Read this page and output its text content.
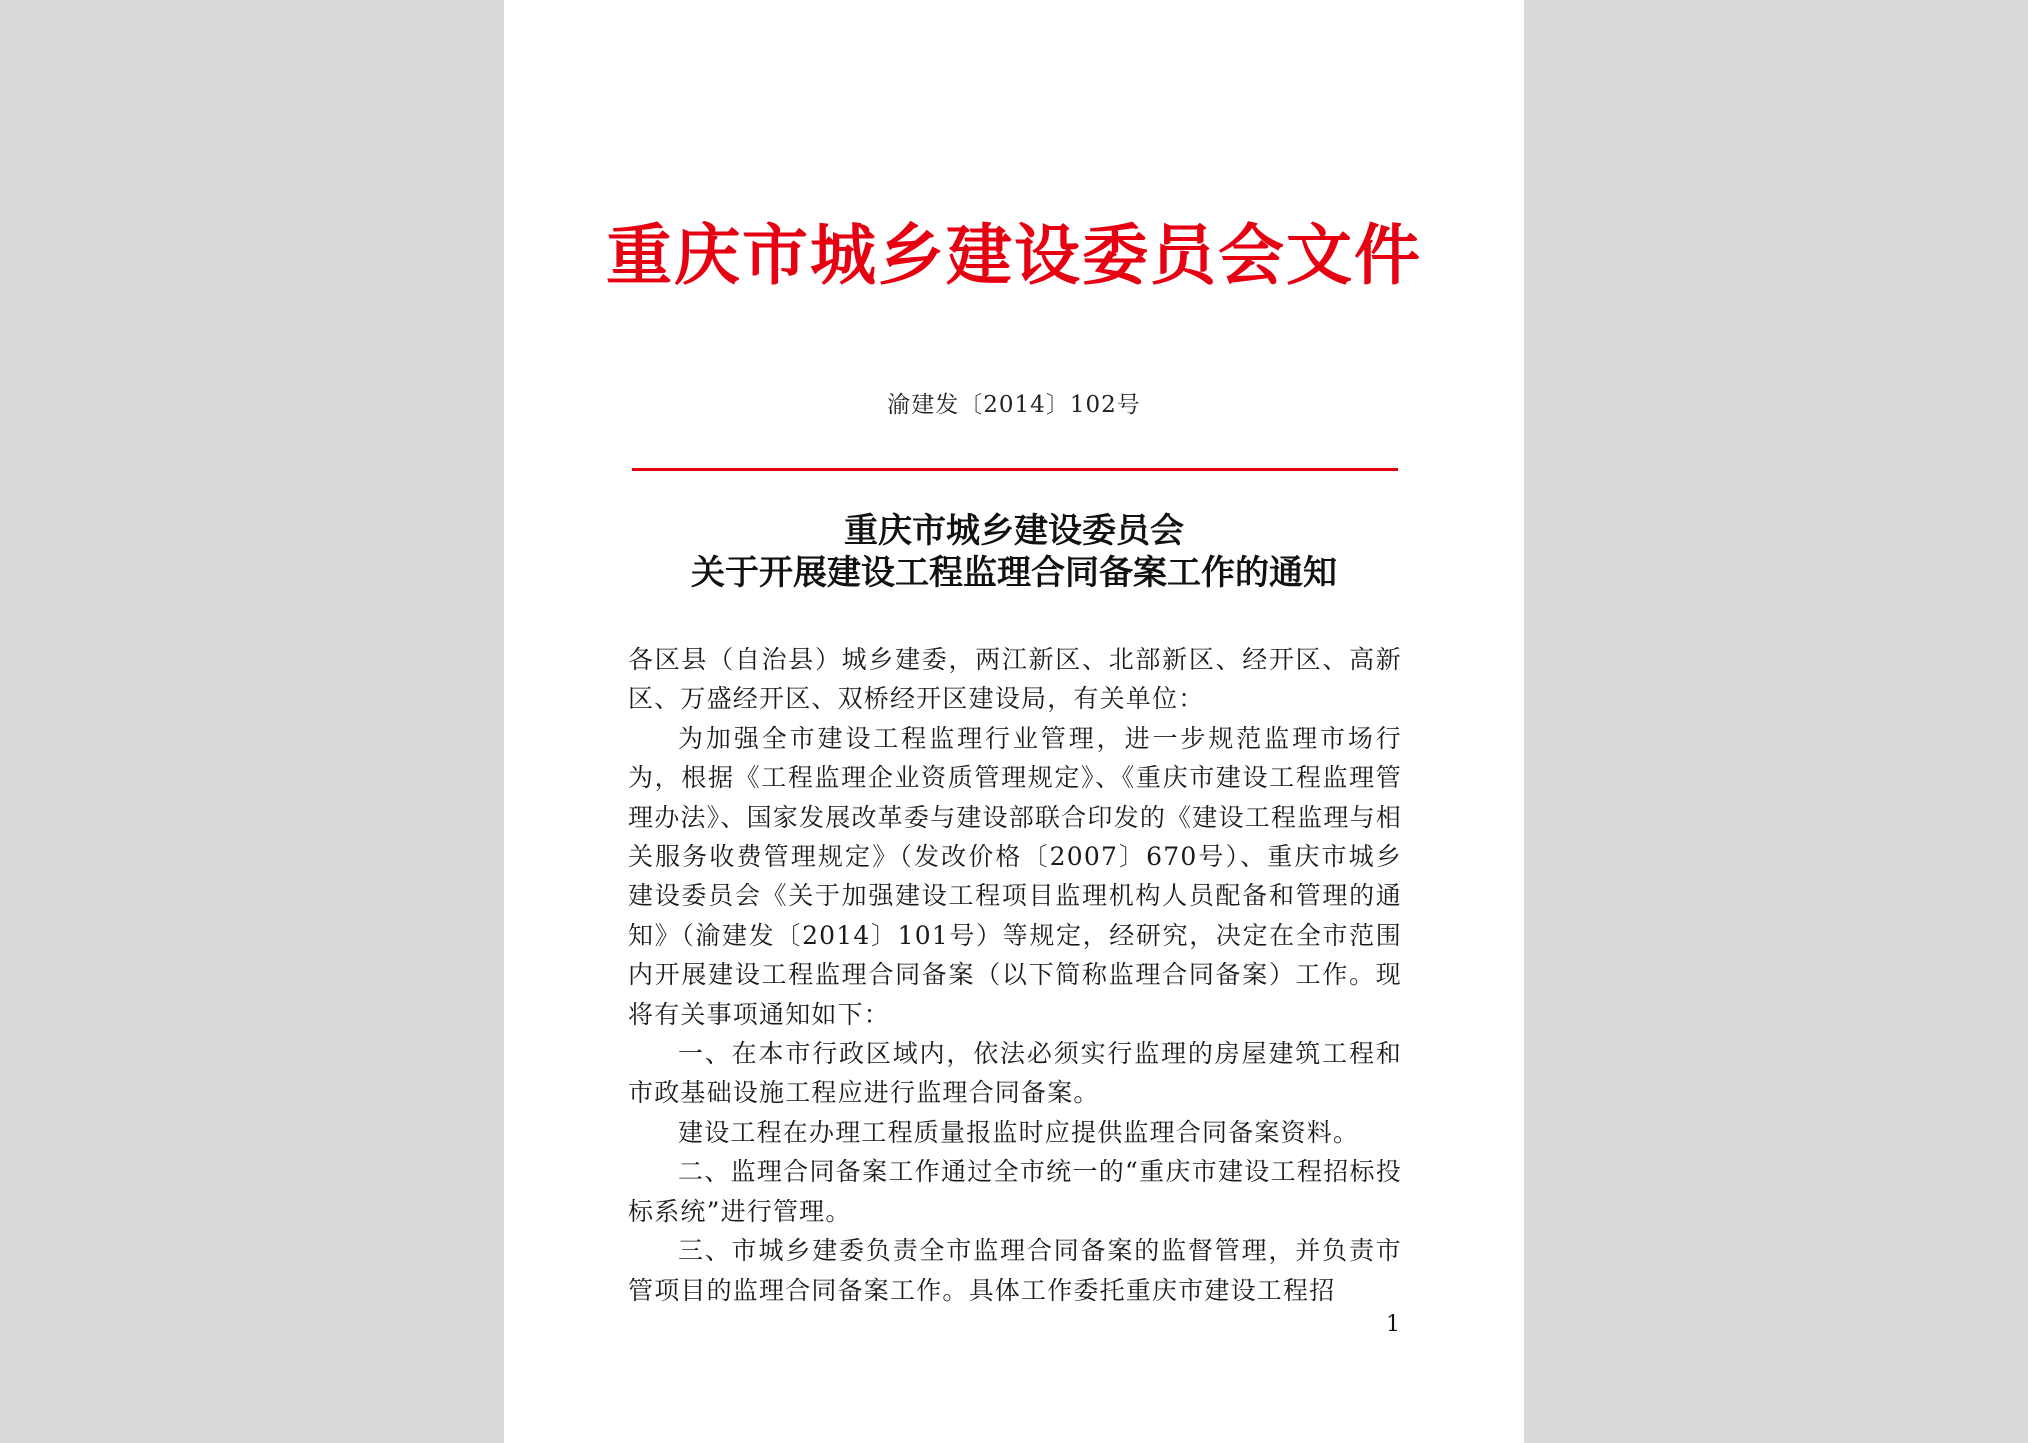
重庆市城乡建设委员会文件
渝建发〔2014〕102号
重庆市城乡建设委员会
关于开展建设工程监理合同备案工作的通知

各区县（自治县）城乡建委，两江新区、北部新区、经开区、高新区、万盛经开区、双桥经开区建设局，有关单位：

为加强全市建设工程监理行业管理，进一步规范监理市场行为，根据《工程监理企业资质管理规定》、《重庆市建设工程监理管理办法》、国家发展改革委与建设部联合印发的《建设工程监理与相关服务收费管理规定》（发改价格〔2007〕670号）、重庆市城乡建设委员会《关于加强建设工程项目监理机构人员配备和管理的通知》（渝建发〔2014〕101号）等规定，经研究，决定在全市范围内开展建设工程监理合同备案（以下简称监理合同备案）工作。现将有关事项通知如下：

一、在本市行政区域内，依法必须实行监理的房屋建筑工程和市政基础设施工程应进行监理合同备案。

建设工程在办理工程质量报监时应提供监理合同备案资料。

二、监理合同备案工作通过全市统一的“重庆市建设工程招标投标系统”进行管理。

三、市城乡建委负责全市监理合同备案的监督管理，并负责市管项目的监理合同备案工作。具体工作委托重庆市建设工程招

1
